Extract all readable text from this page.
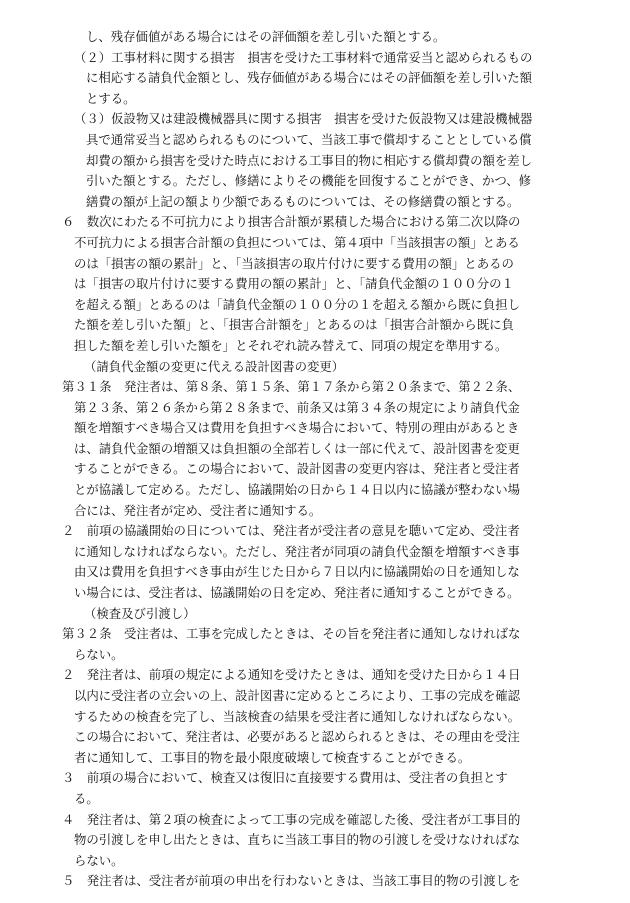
し、残存価値がある場合にはその評価額を差し引いた額とする。
（２）工事材料に関する損害　損害を受けた工事材料で通常妥当と認められるもの
に相応する請負代金額とし、残存価値がある場合にはその評価額を差し引いた額
とする。
（３）仮設物又は建設機械器具に関する損害　損害を受けた仮設物又は建設機械器
具で通常妥当と認められるものについて、当該工事で償却することとしている償
却費の額から損害を受けた時点における工事目的物に相応する償却費の額を差し
引いた額とする。ただし、修繕によりその機能を回復することができ、かつ、修
繕費の額が上記の額より少額であるものについては、その修繕費の額とする。
６　数次にわたる不可抗力により損害合計額が累積した場合における第二次以降の
不可抗力による損害合計額の負担については、第４項中「当該損害の額」とある
のは「損害の額の累計」と、「当該損害の取片付けに要する費用の額」とあるの
は「損害の取片付けに要する費用の額の累計」と、「請負代金額の１００分の１
を超える額」とあるのは「請負代金額の１００分の１を超える額から既に負担し
た額を差し引いた額」と、「損害合計額を」とあるのは「損害合計額から既に負
担した額を差し引いた額を」とそれぞれ読み替えて、同項の規定を準用する。
（請負代金額の変更に代える設計図書の変更）
第３１条　発注者は、第８条、第１５条、第１７条から第２０条まで、第２２条、
第２３条、第２６条から第２８条まで、前条又は第３４条の規定により請負代金
額を増額すべき場合又は費用を負担すべき場合において、特別の理由があるとき
は、請負代金額の増額又は負担額の全部若しくは一部に代えて、設計図書を変更
することができる。この場合において、設計図書の変更内容は、発注者と受注者
とが協議して定める。ただし、協議開始の日から１４日以内に協議が整わない場
合には、発注者が定め、受注者に通知する。
２　前項の協議開始の日については、発注者が受注者の意見を聴いて定め、受注者
に通知しなければならない。ただし、発注者が同項の請負代金額を増額すべき事
由又は費用を負担すべき事由が生じた日から７日以内に協議開始の日を通知しな
い場合には、受注者は、協議開始の日を定め、発注者に通知することができる。
（検査及び引渡し）
第３２条　受注者は、工事を完成したときは、その旨を発注者に通知しなければな
らない。
２　発注者は、前項の規定による通知を受けたときは、通知を受けた日から１４日
以内に受注者の立会いの上、設計図書に定めるところにより、工事の完成を確認
するための検査を完了し、当該検査の結果を受注者に通知しなければならない。
この場合において、発注者は、必要があると認められるときは、その理由を受注
者に通知して、工事目的物を最小限度破壊して検査することができる。
３　前項の場合において、検査又は復旧に直接要する費用は、受注者の負担とす
る。
４　発注者は、第２項の検査によって工事の完成を確認した後、受注者が工事目的
物の引渡しを申し出たときは、直ちに当該工事目的物の引渡しを受けなければな
らない。
５　発注者は、受注者が前項の申出を行わないときは、当該工事目的物の引渡しを
